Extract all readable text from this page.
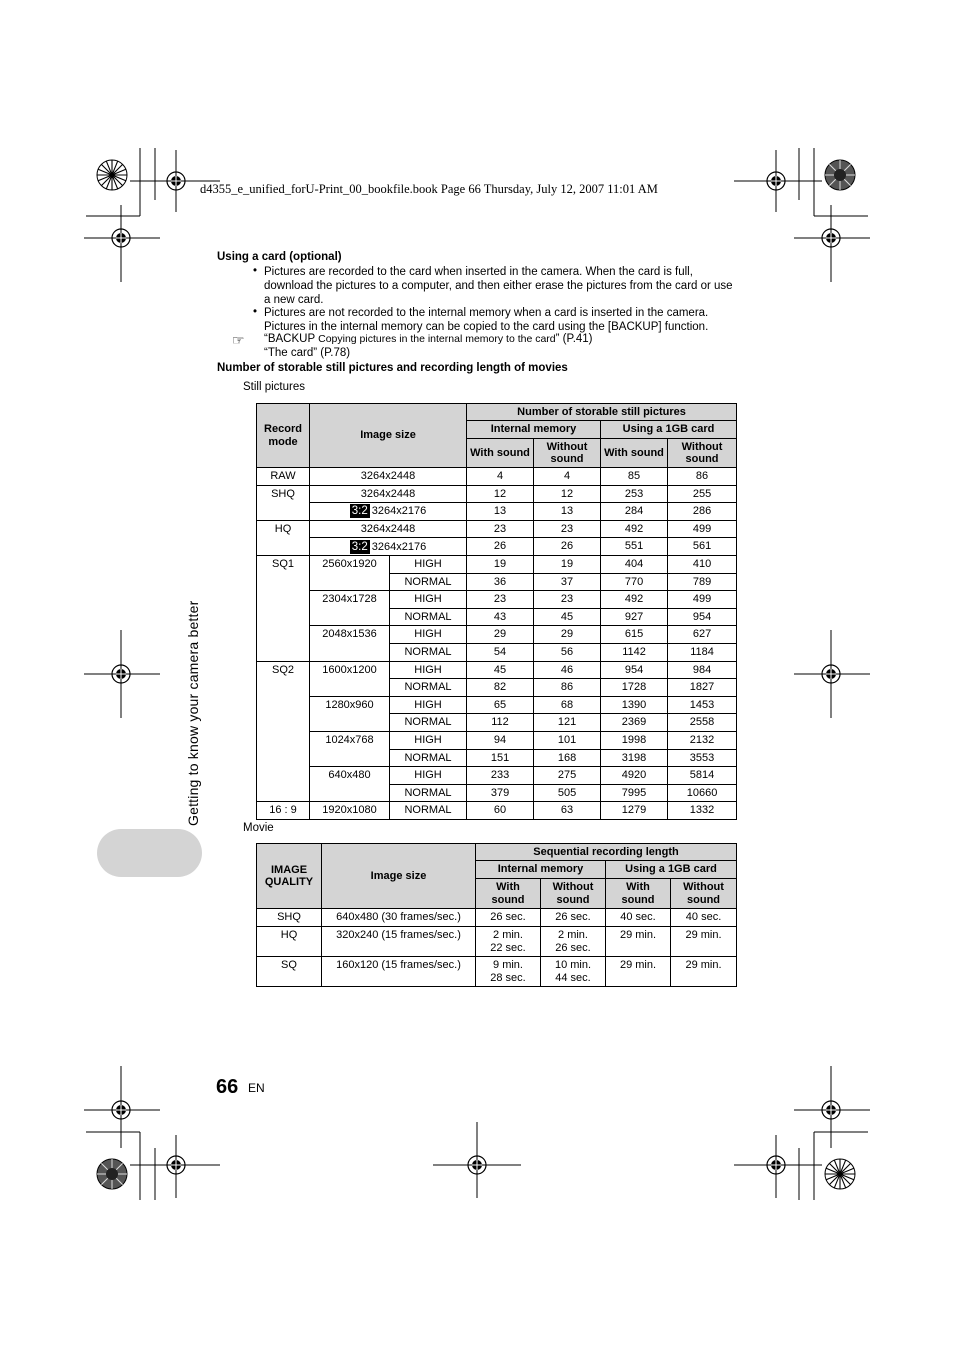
d4355_e_unified_forU-Print_00_bookfile.book Page 66 Thursday, July 12, 2007 11:01 AM
Using a card (optional)
• Pictures are recorded to the card when inserted in the camera. When the card is full, download the pictures to a computer, and then either erase the pictures from the card or use a new card.
• Pictures are not recorded to the internal memory when a card is inserted in the camera. Pictures in the internal memory can be copied to the card using the [BACKUP] function.
☞ “BACKUP Copying pictures in the internal memory to the card” (P.41)
“The card” (P.78)
Number of storable still pictures and recording length of movies
Still pictures
Record mode	Image size		Number of storable still pictures			
			Internal memory		Using a 1GB card	
			With sound	Without sound	With sound	Without sound
RAW	3264x2448		4	4	85	86
SHQ	3264x2448		12	12	253	255
	3:2 3264x2176		13	13	284	286
HQ	3264x2448		23	23	492	499
	3:2 3264x2176		26	26	551	561
SQ1	2560x1920	HIGH	19	19	404	410
		NORMAL	36	37	770	789
	2304x1728	HIGH	23	23	492	499
		NORMAL	43	45	927	954
	2048x1536	HIGH	29	29	615	627
		NORMAL	54	56	1142	1184
SQ2	1600x1200	HIGH	45	46	954	984
		NORMAL	82	86	1728	1827
	1280x960	HIGH	65	68	1390	1453
		NORMAL	112	121	2369	2558
	1024x768	HIGH	94	101	1998	2132
		NORMAL	151	168	3198	3553
	640x480	HIGH	233	275	4920	5814
		NORMAL	379	505	7995	10660
16 : 9	1920x1080	NORMAL	60	63	1279	1332
Movie
IMAGE QUALITY	Image size	Sequential recording length			
		Internal memory		Using a 1GB card	
		With sound	Without sound	With sound	Without sound
SHQ	640x480 (30 frames/sec.)	26 sec.	26 sec.	40 sec.	40 sec.
HQ	320x240 (15 frames/sec.)	2 min.
22 sec.	2 min.
26 sec.	29 min.	29 min.
SQ	160x120 (15 frames/sec.)	9 min.
28 sec.	10 min.
44 sec.	29 min.	29 min.
Getting to know your camera better
66 EN
